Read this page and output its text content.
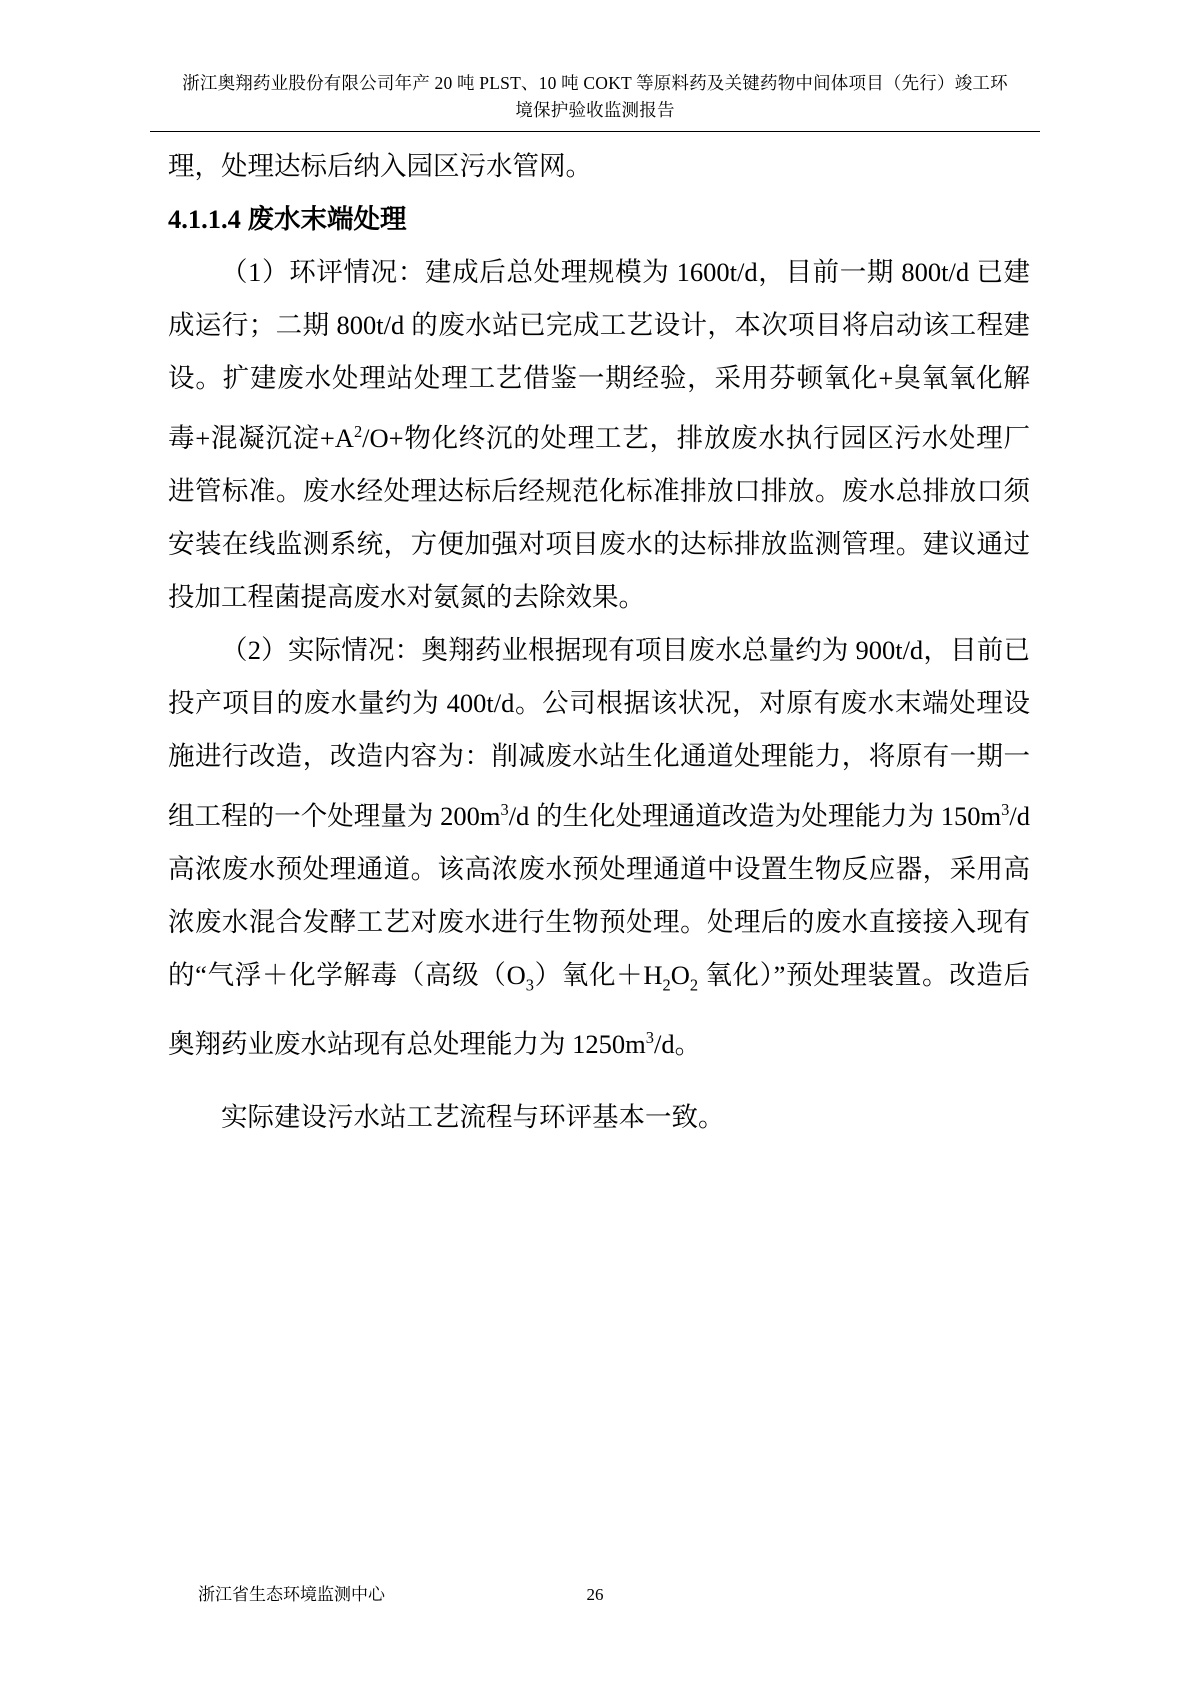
浙江奥翔药业股份有限公司年产 20 吨 PLST、10 吨 COKT 等原料药及关键药物中间体项目（先行）竣工环
境保护验收监测报告

理，处理达标后纳入园区污水管网。

4.1.1.4 废水末端处理

（1）环评情况：建成后总处理规模为 1600t/d，目前一期 800t/d 已建成运行；二期 800t/d 的废水站已完成工艺设计，本次项目将启动该工程建设。扩建废水处理站处理工艺借鉴一期经验，采用芬顿氧化+臭氧氧化解毒+混凝沉淀$+A^2/O+$物化终沉的处理工艺，排放废水执行园区污水处理厂进管标准。废水经处理达标后经规范化标准排放口排放。废水总排放口须安装在线监测系统，方便加强对项目废水的达标排放监测管理。建议通过投加工程菌提高废水对氨氮的去除效果。

（2）实际情况：奥翔药业根据现有项目废水总量约为 900t/d，目前已投产项目的废水量约为 400t/d。公司根据该状况，对原有废水末端处理设施进行改造，改造内容为：削减废水站生化通道处理能力，将原有一期一组工程的一个处理量为 $200m^3/d$ 的生化处理通道改造为处理能力为 $150m^3/d$ 高浓废水预处理通道。该高浓废水预处理通道中设置生物反应器，采用高浓废水混合发酵工艺对废水进行生物预处理。处理后的废水直接接入现有的“气浮＋化学解毒（高级$(O_3)$氧化$+H_2O_2$ 氧化）”预处理装置。改造后奥翔药业废水站现有总处理能力为 $1250m^3/d$。

实际建设污水站工艺流程与环评基本一致。

浙江省生态环境监测中心	26
